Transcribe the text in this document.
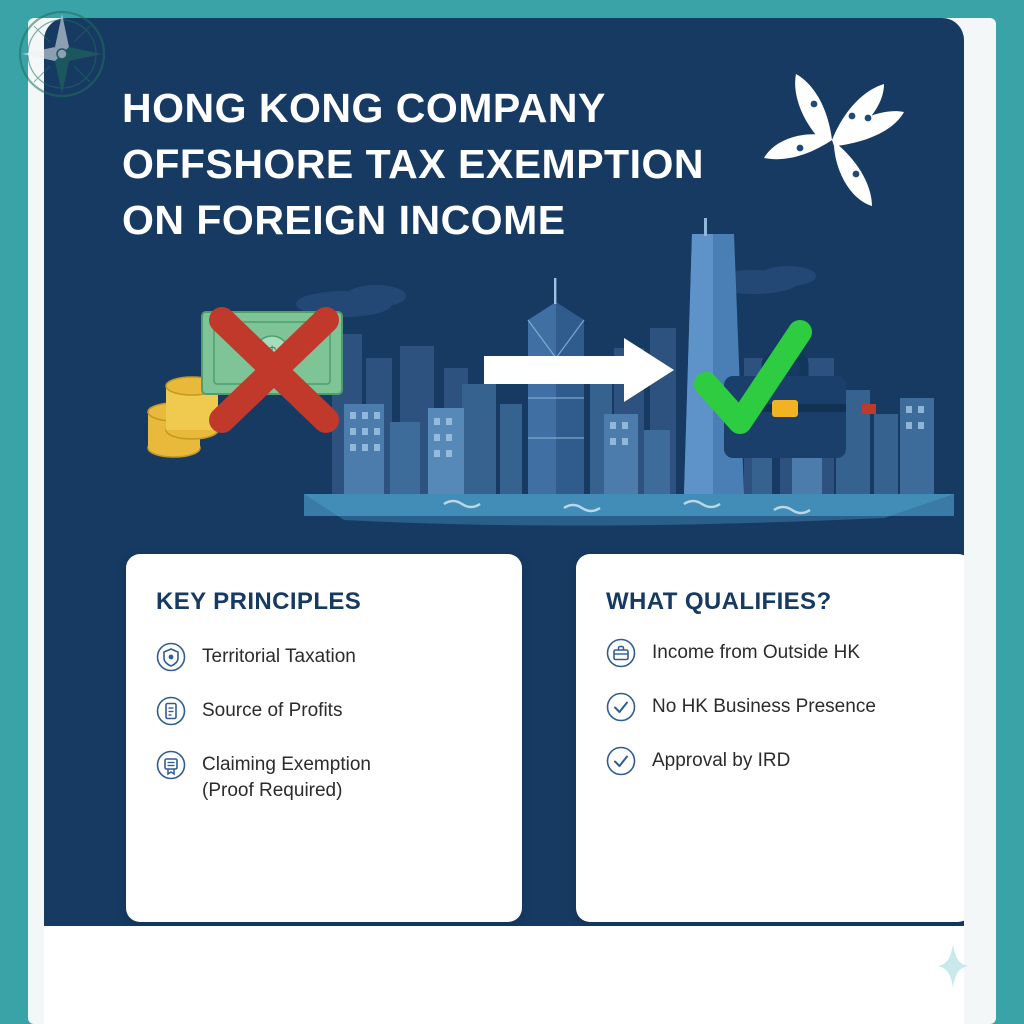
HONG KONG COMPANY
OFFSHORE TAX EXEMPTION
ON FOREIGN INCOME
KEY PRINCIPLES
Territorial Taxation
Source of Profits
Claiming Exemption
(Proof Required)
WHAT QUALIFIES?
Income from Outside HK
No HK Business Presence
Approval by IRD
